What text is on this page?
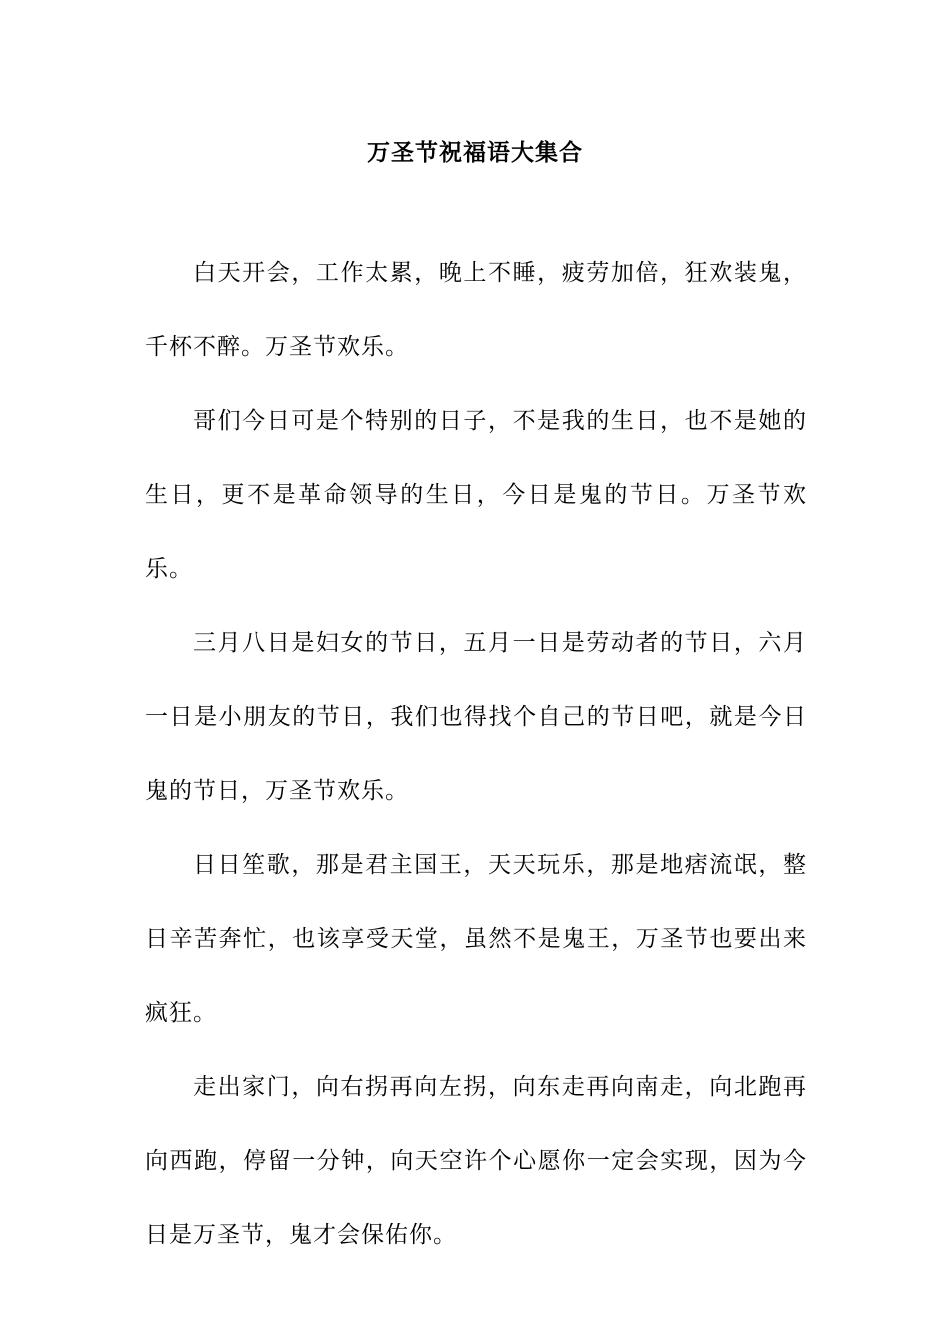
万圣节祝福语大集合

白天开会，工作太累，晚上不睡，疲劳加倍，狂欢装鬼，千杯不醉。万圣节欢乐。

哥们今日可是个特别的日子，不是我的生日，也不是她的生日，更不是革命领导的生日，今日是鬼的节日。万圣节欢乐。

三月八日是妇女的节日，五月一日是劳动者的节日，六月一日是小朋友的节日，我们也得找个自己的节日吧，就是今日鬼的节日，万圣节欢乐。

日日笙歌，那是君主国王，天天玩乐，那是地痞流氓，整日辛苦奔忙，也该享受天堂，虽然不是鬼王，万圣节也要出来疯狂。

走出家门，向右拐再向左拐，向东走再向南走，向北跑再向西跑，停留一分钟，向天空许个心愿你一定会实现，因为今日是万圣节，鬼才会保佑你。
